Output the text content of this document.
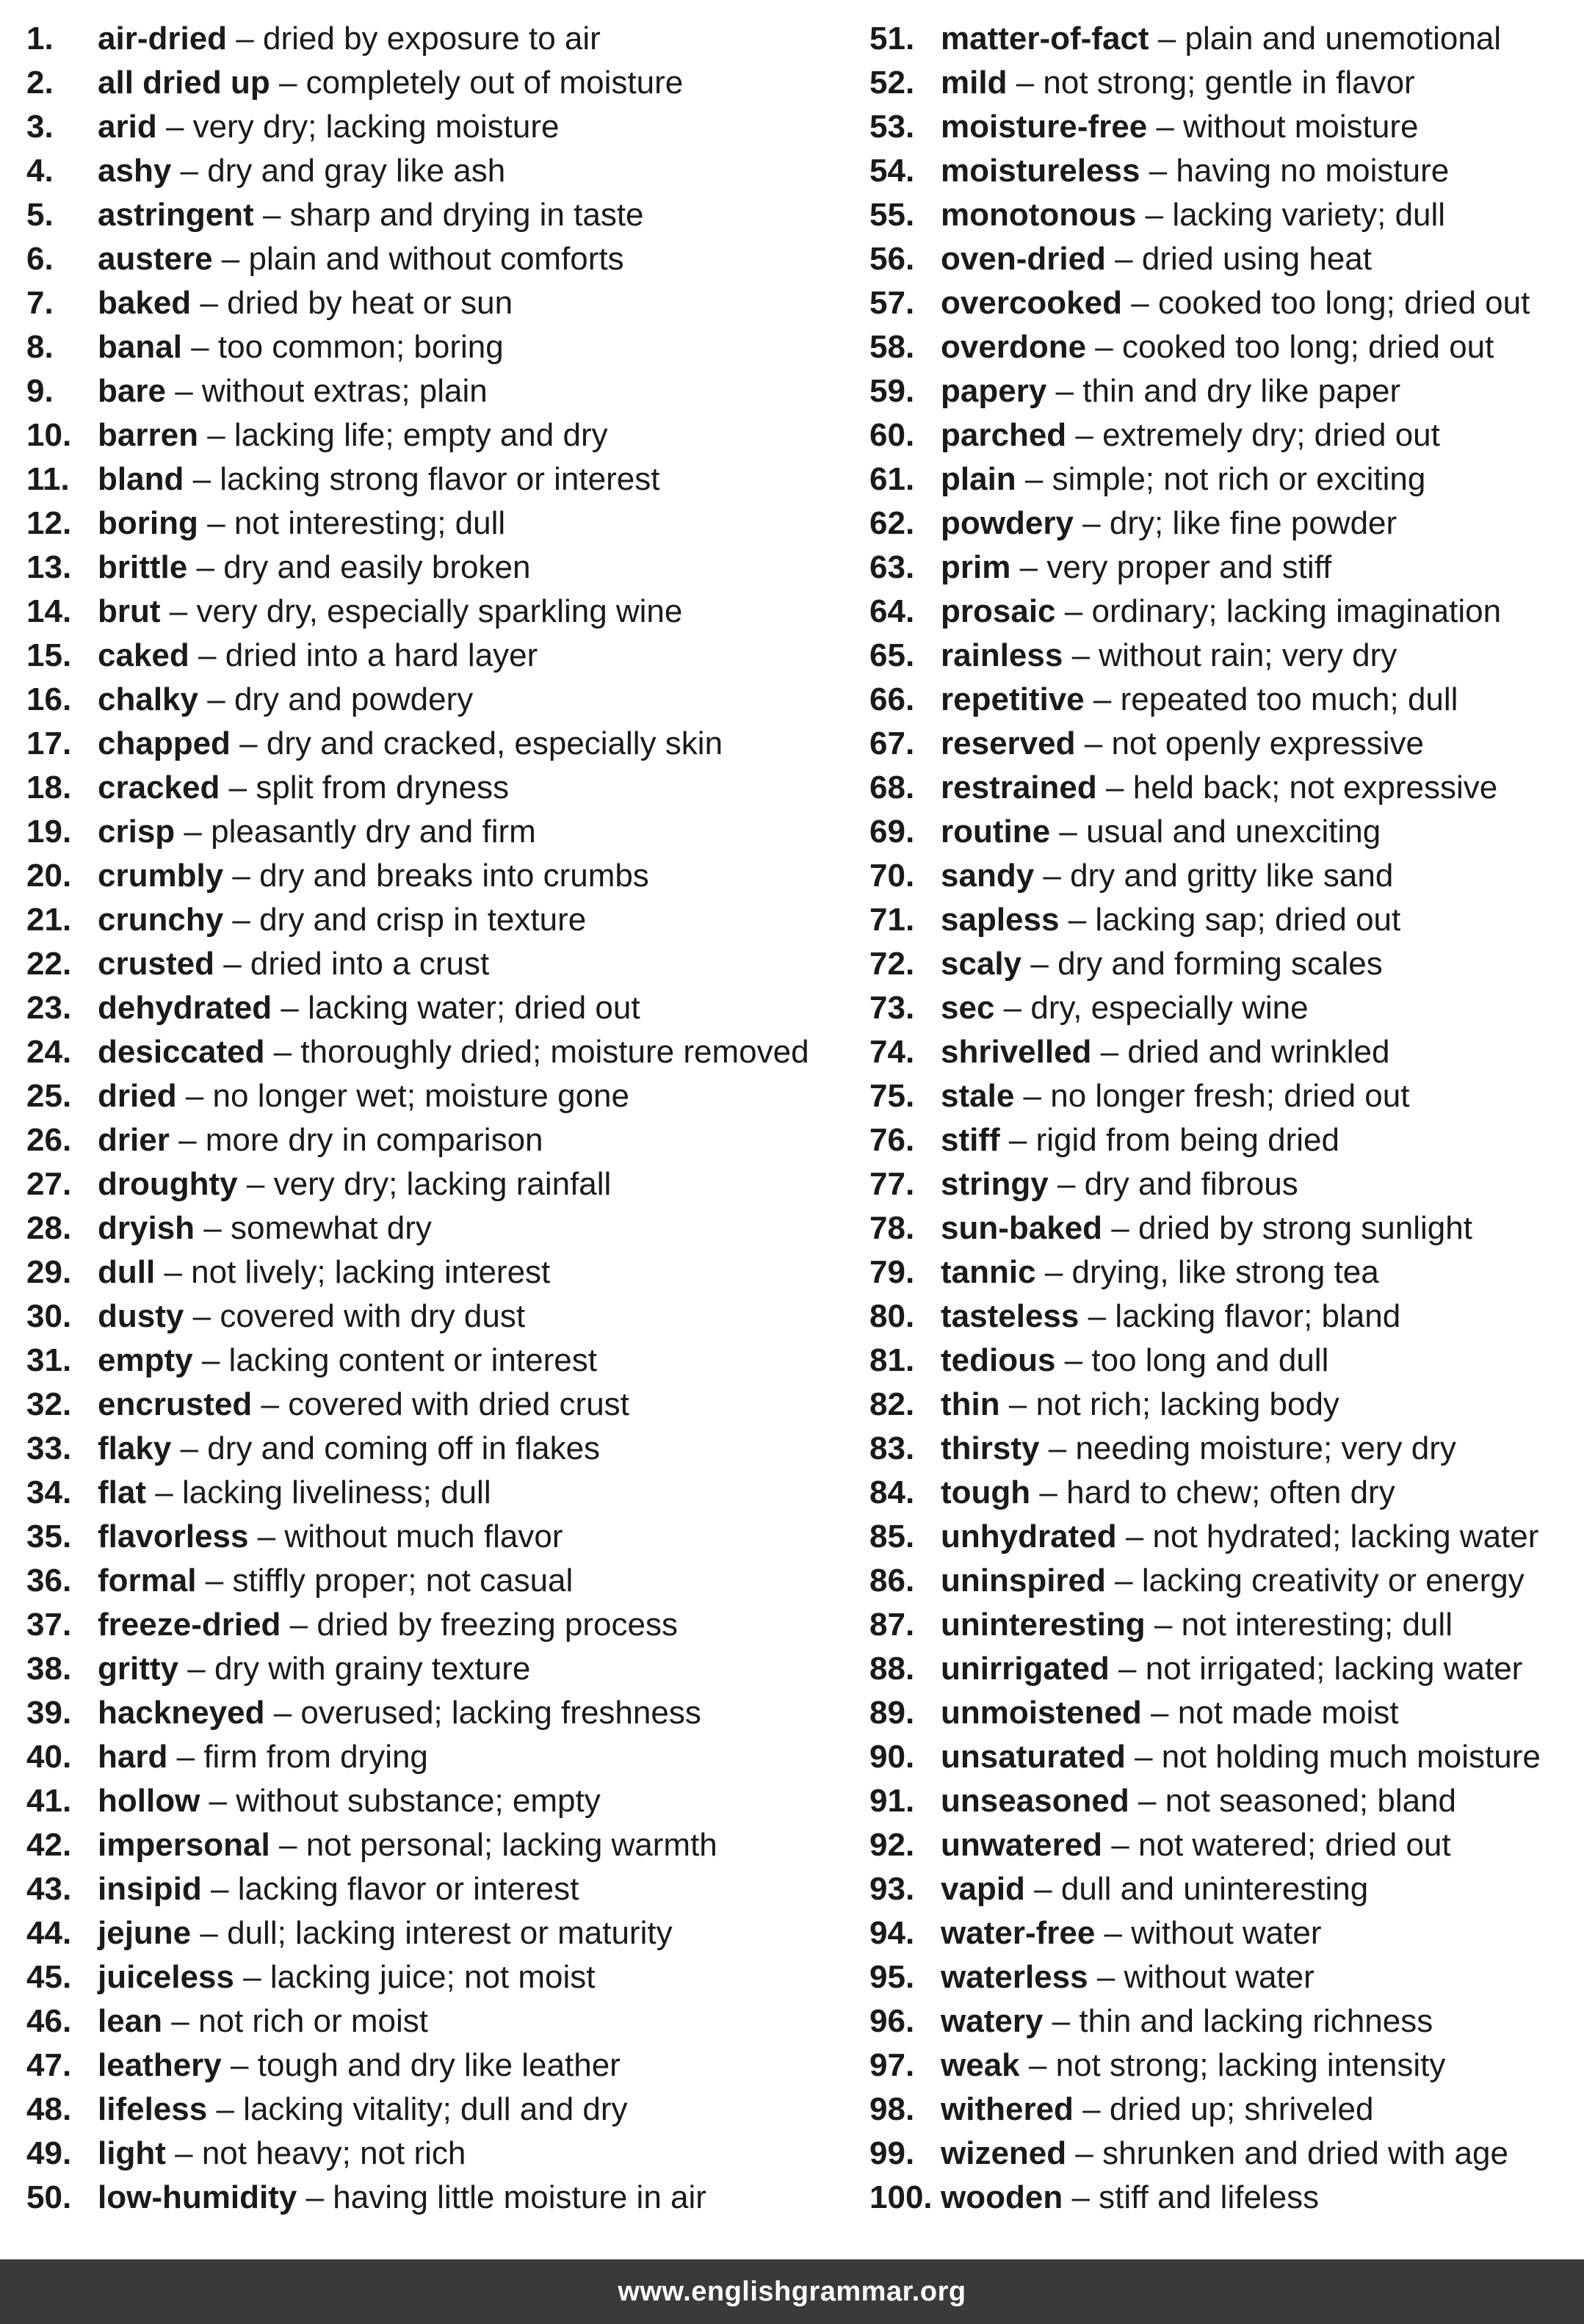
1. air-dried – dried by exposure to air
2. all dried up – completely out of moisture
3. arid – very dry; lacking moisture
4. ashy – dry and gray like ash
5. astringent – sharp and drying in taste
6. austere – plain and without comforts
7. baked – dried by heat or sun
8. banal – too common; boring
9. bare – without extras; plain
10. barren – lacking life; empty and dry
11. bland – lacking strong flavor or interest
12. boring – not interesting; dull
13. brittle – dry and easily broken
14. brut – very dry, especially sparkling wine
15. caked – dried into a hard layer
16. chalky – dry and powdery
17. chapped – dry and cracked, especially skin
18. cracked – split from dryness
19. crisp – pleasantly dry and firm
20. crumbly – dry and breaks into crumbs
21. crunchy – dry and crisp in texture
22. crusted – dried into a crust
23. dehydrated – lacking water; dried out
24. desiccated – thoroughly dried; moisture removed
25. dried – no longer wet; moisture gone
26. drier – more dry in comparison
27. droughty – very dry; lacking rainfall
28. dryish – somewhat dry
29. dull – not lively; lacking interest
30. dusty – covered with dry dust
31. empty – lacking content or interest
32. encrusted – covered with dried crust
33. flaky – dry and coming off in flakes
34. flat – lacking liveliness; dull
35. flavorless – without much flavor
36. formal – stiffly proper; not casual
37. freeze-dried – dried by freezing process
38. gritty – dry with grainy texture
39. hackneyed – overused; lacking freshness
40. hard – firm from drying
41. hollow – without substance; empty
42. impersonal – not personal; lacking warmth
43. insipid – lacking flavor or interest
44. jejune – dull; lacking interest or maturity
45. juiceless – lacking juice; not moist
46. lean – not rich or moist
47. leathery – tough and dry like leather
48. lifeless – lacking vitality; dull and dry
49. light – not heavy; not rich
50. low-humidity – having little moisture in air
51. matter-of-fact – plain and unemotional
52. mild – not strong; gentle in flavor
53. moisture-free – without moisture
54. moistureless – having no moisture
55. monotonous – lacking variety; dull
56. oven-dried – dried using heat
57. overcooked – cooked too long; dried out
58. overdone – cooked too long; dried out
59. papery – thin and dry like paper
60. parched – extremely dry; dried out
61. plain – simple; not rich or exciting
62. powdery – dry; like fine powder
63. prim – very proper and stiff
64. prosaic – ordinary; lacking imagination
65. rainless – without rain; very dry
66. repetitive – repeated too much; dull
67. reserved – not openly expressive
68. restrained – held back; not expressive
69. routine – usual and unexciting
70. sandy – dry and gritty like sand
71. sapless – lacking sap; dried out
72. scaly – dry and forming scales
73. sec – dry, especially wine
74. shrivelled – dried and wrinkled
75. stale – no longer fresh; dried out
76. stiff – rigid from being dried
77. stringy – dry and fibrous
78. sun-baked – dried by strong sunlight
79. tannic – drying, like strong tea
80. tasteless – lacking flavor; bland
81. tedious – too long and dull
82. thin – not rich; lacking body
83. thirsty – needing moisture; very dry
84. tough – hard to chew; often dry
85. unhydrated – not hydrated; lacking water
86. uninspired – lacking creativity or energy
87. uninteresting – not interesting; dull
88. unirrigated – not irrigated; lacking water
89. unmoistened – not made moist
90. unsaturated – not holding much moisture
91. unseasoned – not seasoned; bland
92. unwatered – not watered; dried out
93. vapid – dull and uninteresting
94. water-free – without water
95. waterless – without water
96. watery – thin and lacking richness
97. weak – not strong; lacking intensity
98. withered – dried up; shriveled
99. wizened – shrunken and dried with age
100. wooden – stiff and lifeless
www.englishgrammar.org
